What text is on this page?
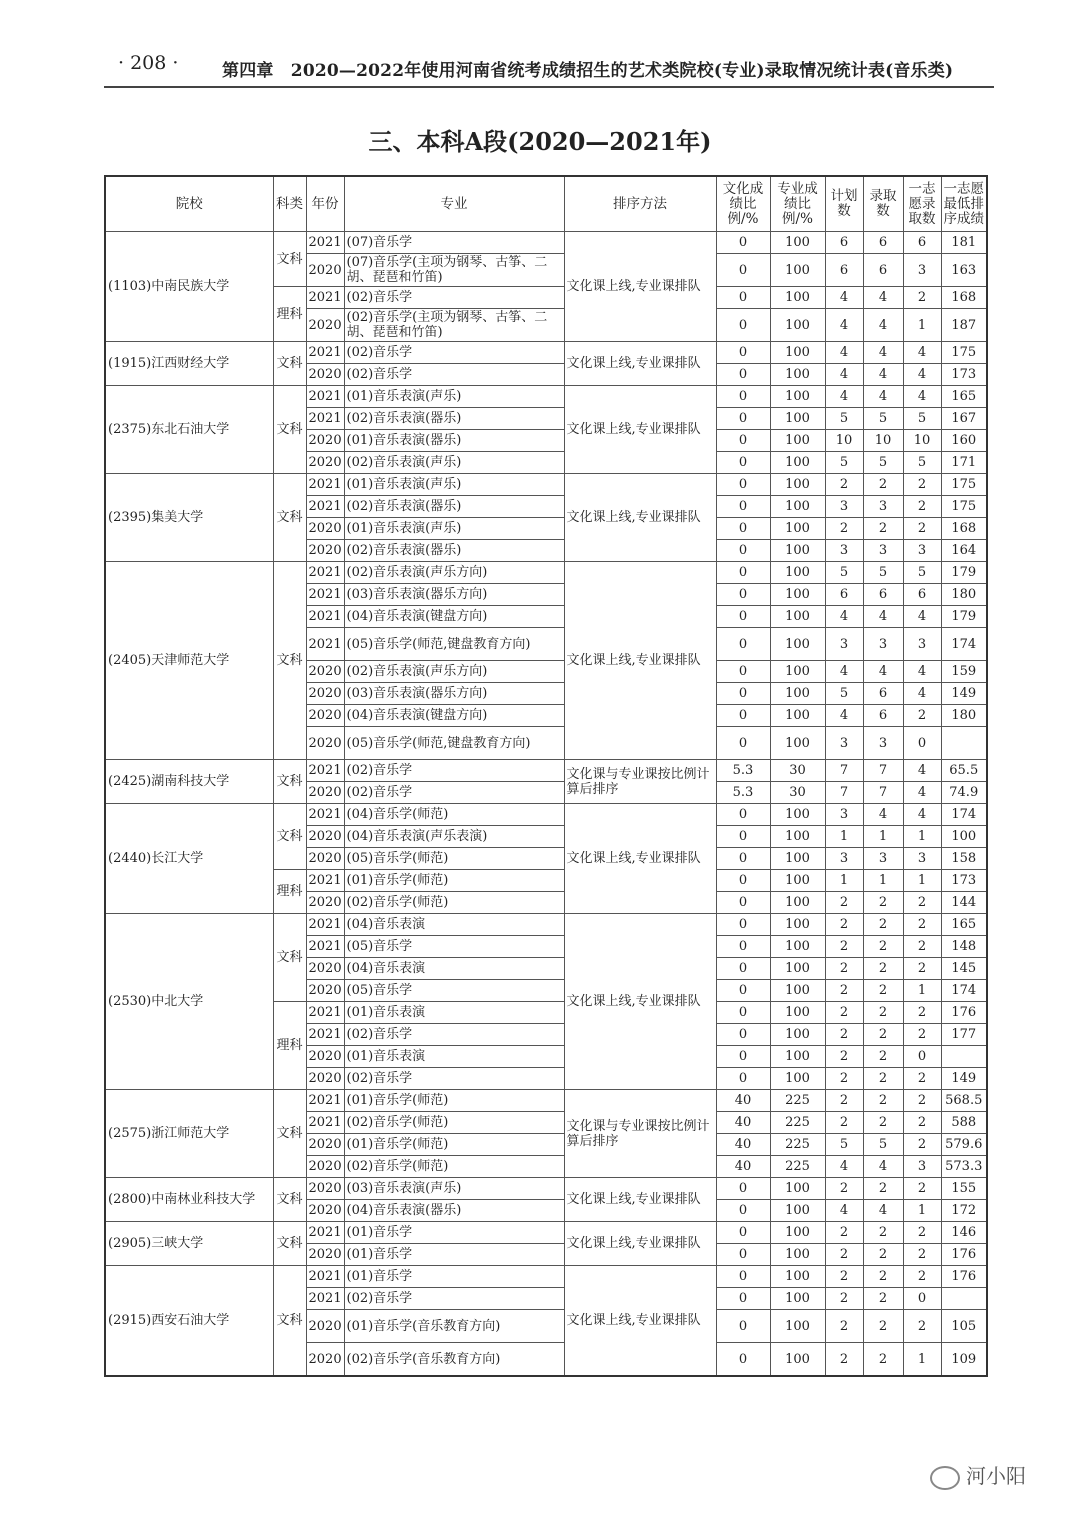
· 208 ·	第四章　2020—2022年使用河南省统考成绩招生的艺术类院校(专业)录取情况统计表(音乐类)
三、本科A段(2020—2021年)
院校	科类	年份	专业	排序方法	文化成绩比例/%	专业成绩比例/%	计划数	录取数	一志愿录取数	一志愿最低排序成绩
(1103)中南民族大学	文科	2021	(07)音乐学	文化课上线,专业课排队	0	100	6	6	6	181
		2020	(07)音乐学(主项为钢琴、古筝、二胡、琵琶和竹笛)		0	100	6	6	3	163
	理科	2021	(02)音乐学		0	100	4	4	2	168
		2020	(02)音乐学(主项为钢琴、古筝、二胡、琵琶和竹笛)		0	100	4	4	1	187
(1915)江西财经大学	文科	2021	(02)音乐学	文化课上线,专业课排队	0	100	4	4	4	175
		2020	(02)音乐学		0	100	4	4	4	173
(2375)东北石油大学	文科	2021	(01)音乐表演(声乐)	文化课上线,专业课排队	0	100	4	4	4	165
		2021	(02)音乐表演(器乐)		0	100	5	5	5	167
		2020	(01)音乐表演(器乐)		0	100	10	10	10	160
		2020	(02)音乐表演(声乐)		0	100	5	5	5	171
(2395)集美大学	文科	2021	(01)音乐表演(声乐)	文化课上线,专业课排队	0	100	2	2	2	175
		2021	(02)音乐表演(器乐)		0	100	3	3	2	175
		2020	(01)音乐表演(声乐)		0	100	2	2	2	168
		2020	(02)音乐表演(器乐)		0	100	3	3	3	164
(2405)天津师范大学	文科	2021	(02)音乐表演(声乐方向)	文化课上线,专业课排队	0	100	5	5	5	179
		2021	(03)音乐表演(器乐方向)		0	100	6	6	6	180
		2021	(04)音乐表演(键盘方向)		0	100	4	4	4	179
		2021	(05)音乐学(师范,键盘教育方向)		0	100	3	3	3	174
		2020	(02)音乐表演(声乐方向)		0	100	4	4	4	159
		2020	(03)音乐表演(器乐方向)		0	100	5	6	4	149
		2020	(04)音乐表演(键盘方向)		0	100	4	6	2	180
		2020	(05)音乐学(师范,键盘教育方向)		0	100	3	3	0	
(2425)湖南科技大学	文科	2021	(02)音乐学	文化课与专业课按比例计算后排序	5.3	30	7	7	4	65.5
		2020	(02)音乐学		5.3	30	7	7	4	74.9
(2440)长江大学	文科	2021	(04)音乐学(师范)	文化课上线,专业课排队	0	100	3	4	4	174
		2020	(04)音乐表演(声乐表演)		0	100	1	1	1	100
		2020	(05)音乐学(师范)		0	100	3	3	3	158
	理科	2021	(01)音乐学(师范)		0	100	1	1	1	173
		2020	(02)音乐学(师范)		0	100	2	2	2	144
(2530)中北大学	文科	2021	(04)音乐表演	文化课上线,专业课排队	0	100	2	2	2	165
		2021	(05)音乐学		0	100	2	2	2	148
		2020	(04)音乐表演		0	100	2	2	2	145
		2020	(05)音乐学		0	100	2	2	1	174
	理科	2021	(01)音乐表演		0	100	2	2	2	176
		2021	(02)音乐学		0	100	2	2	2	177
		2020	(01)音乐表演		0	100	2	2	0	
		2020	(02)音乐学		0	100	2	2	2	149
(2575)浙江师范大学	文科	2021	(01)音乐学(师范)	文化课与专业课按比例计算后排序	40	225	2	2	2	568.5
		2021	(02)音乐学(师范)		40	225	2	2	2	588
		2020	(01)音乐学(师范)		40	225	5	5	2	579.6
		2020	(02)音乐学(师范)		40	225	4	4	3	573.3
(2800)中南林业科技大学	文科	2020	(03)音乐表演(声乐)	文化课上线,专业课排队	0	100	2	2	2	155
		2020	(04)音乐表演(器乐)		0	100	4	4	1	172
(2905)三峡大学	文科	2021	(01)音乐学	文化课上线,专业课排队	0	100	2	2	2	146
		2020	(01)音乐学		0	100	2	2	2	176
(2915)西安石油大学	文科	2021	(01)音乐学	文化课上线,专业课排队	0	100	2	2	2	176
		2021	(02)音乐学		0	100	2	2	0	
		2020	(01)音乐学(音乐教育方向)		0	100	2	2	2	105
		2020	(02)音乐学(音乐教育方向)		0	100	2	2	1	109
河小阳
